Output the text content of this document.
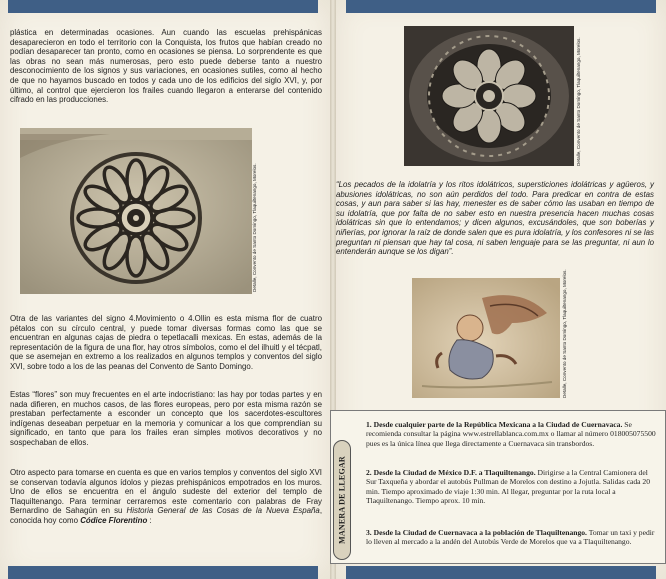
plástica en determinadas ocasiones. Aun cuando las escuelas prehispánicas desaparecieron en todo el territorio con la Conquista, los frutos que habían creado no podían desaparecer tan pronto, como en ocasiones se piensa. Lo sorprendente es que las obras no sean más numerosas, pero esto puede deberse tanto a nuestro desconocimiento de los signos y sus variaciones, en ocasiones sutiles, como al hecho de que no hayamos buscado en todos y cada uno de los edificios del siglo XVI, y, por último, al control que ejercieron los frailes cuando llegaron a enterarse del contenido cifrado en las producciones.

Detalle, Convento de Santo Domingo, Tlaquiltenango, Morelos.

Otra de las variantes del signo 4.Movimiento o 4.Ollin es esta misma flor de cuatro pétalos con su círculo central, y puede tomar diversas formas como las que se encuentran en algunas cajas de piedra o tepetlacalli mexicas. En estas, además de la representación de la figura de una flor, hay otros símbolos, como el del ilhuitl y el técpatl, que se asemejan en extremo a los realizados en algunos templos y conventos del siglo XVI, sobre todo a los de las peanas del Convento de Santo Domingo.

Estas “flores” son muy frecuentes en el arte indocristiano: las hay por todas partes y en nada difieren, en muchos casos, de las flores europeas, pero por esta misma razón se prestaban perfectamente a esconder un concepto que los sacerdotes-escultores indígenas deseaban perpetuar en la memoria y comunicar a los que comprendían su significado, en tanto que para los frailes eran simples motivos decorativos y no sospechaban de ellos.

Otro aspecto para tomarse en cuenta es que en varios templos y conventos del siglo XVI se conservan todavía algunos ídolos y piezas prehispánicos empotrados en los muros. Uno de ellos se encuentra en el ángulo sudeste del exterior del templo de Tlaquiltenango. Para terminar cerraremos este comentario con palabras de Fray Bernardino de Sahagún en su Historia General de las Cosas de la Nueva España, conocida hoy como Códice Florentino :

Detalle, Convento de Santo Domingo, Tlaquiltenango, Morelos.

“Los pecados de la idolatría y los ritos idolátricos, supersticiones idolátricas y agüeros, y abusiones idolátricas, no son aún perdidos del todo. Para predicar en contra de estas cosas, y aun para saber si las hay, menester es de saber cómo las usaban en tiempo de su idolatría, que por falta de no saber esto en nuestra presencia hacen muchas cosas idolátricas sin que lo entendamos; y dicen algunos, excusándoles, que son boberías y niñerías, por ignorar la raíz de donde salen que es pura idolatría, y los confesores ni se las preguntan ni piensan que hay tal cosa, ni saben lenguaje para se las preguntar, ni aun lo entenderán aunque se los digan”.

Detalle, Convento de Santo Domingo, Tlaquiltenango, Morelos.
MANERA DE LLEGAR

1. Desde cualquier parte de la República Mexicana a la Ciudad de Cuernavaca. Se recomienda consultar la página www.estrellablanca.com.mx o llamar al número 018005075500 pues es la única línea que llega directamente a Cuernavaca sin transbordos.

2. Desde la Ciudad de México D.F. a Tlaquiltenango. Dirigirse a la Central Camionera del Sur Taxqueña y abordar el autobús Pullman de Morelos con destino a Jojutla. Salidas cada 20 min. Tiempo aproximado de viaje 1:30 min. Al llegar, preguntar por la ruta local a Tlaquiltenango. Tiempo aprox. 10 min.

3. Desde la Ciudad de Cuernavaca a la población de Tlaquiltenango. Tomar un taxi y pedir lo lleven al mercado a la andén del Autobús Verde de Morelos que va a Tlaquiltenango.
